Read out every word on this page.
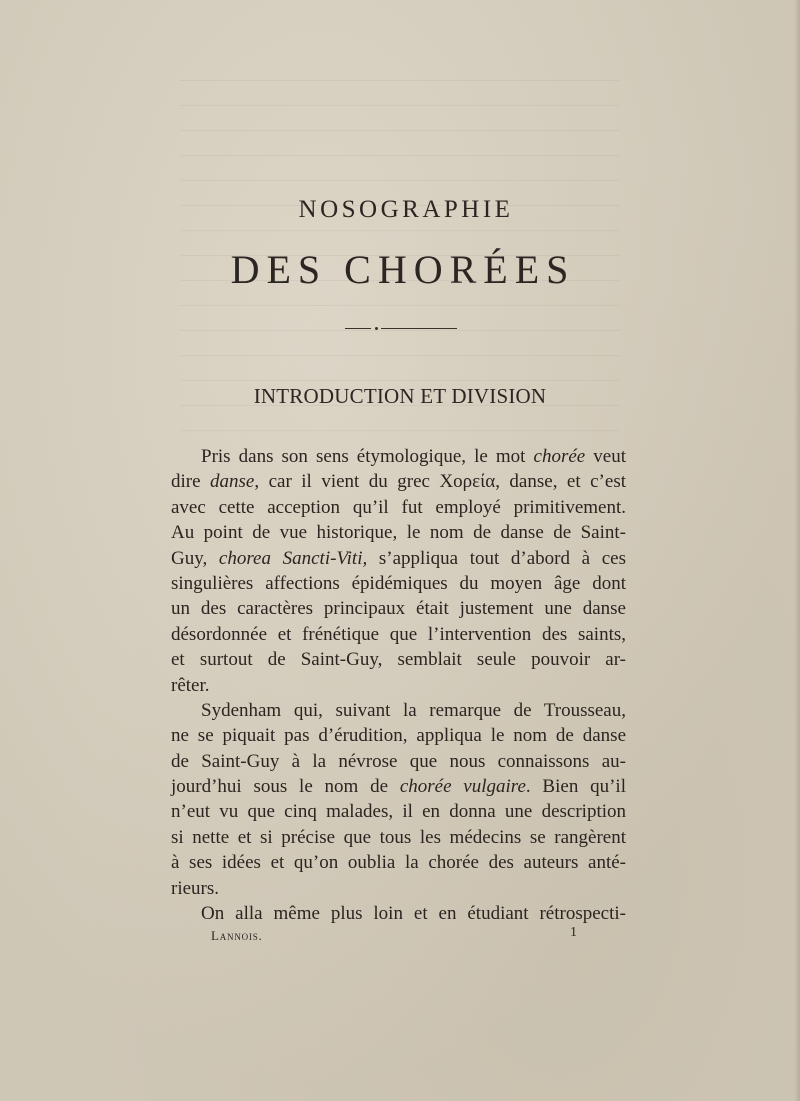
NOSOGRAPHIE
DES CHORÉES
INTRODUCTION ET DIVISION
Pris dans son sens étymologique, le mot chorée veut
dire danse, car il vient du grec Χορεία, danse, et c’est
avec cette acception qu’il fut employé primitivement.
Au point de vue historique, le nom de danse de Saint-
Guy, chorea Sancti-Viti, s’appliqua tout d’abord à ces
singulières affections épidémiques du moyen âge dont
un des caractères principaux était justement une danse
désordonnée et frénétique que l’intervention des saints,
et surtout de Saint-Guy, semblait seule pouvoir ar-
rêter.
Sydenham qui, suivant la remarque de Trousseau,
ne se piquait pas d’érudition, appliqua le nom de danse
de Saint-Guy à la névrose que nous connaissons au-
jourd’hui sous le nom de chorée vulgaire. Bien qu’il
n’eut vu que cinq malades, il en donna une description
si nette et si précise que tous les médecins se rangèrent
à ses idées et qu’on oublia la chorée des auteurs anté-
rieurs.
On alla même plus loin et en étudiant rétrospecti-
Lannois.	1
